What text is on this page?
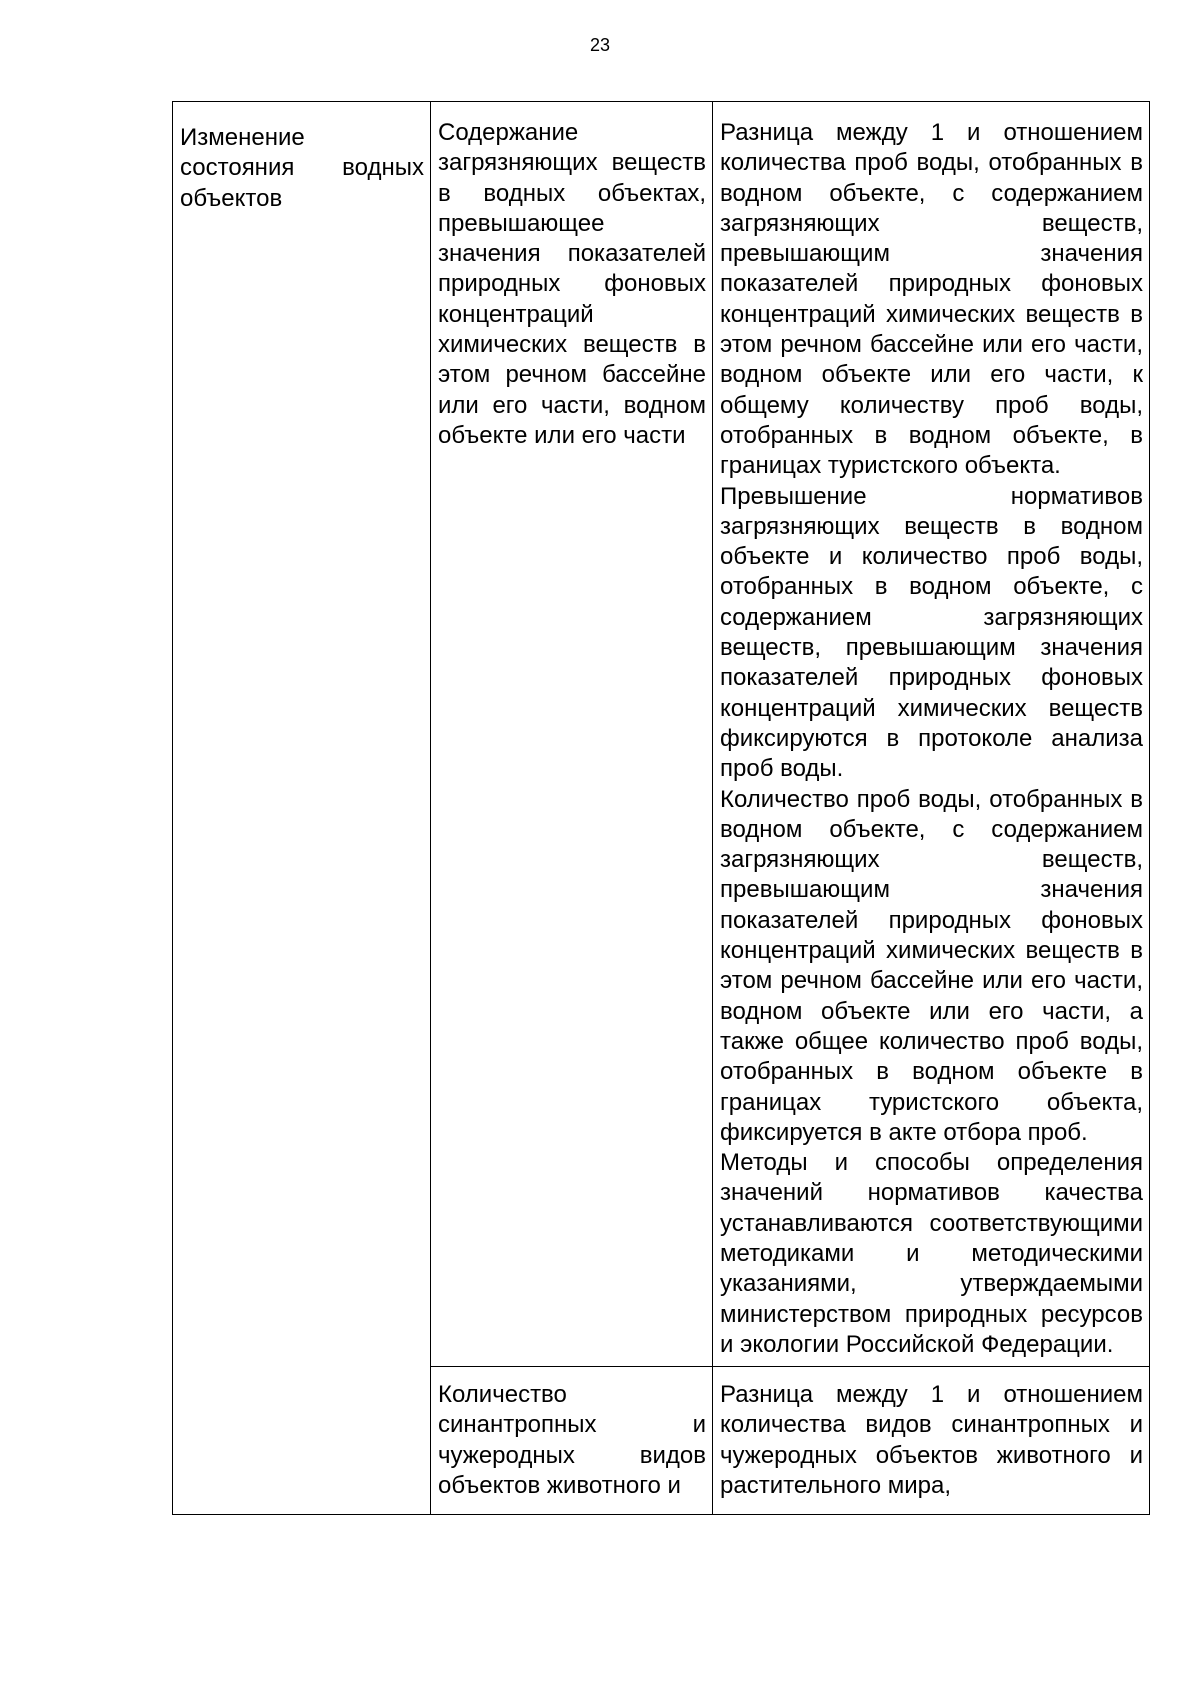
23
Изменение состояния водных объектов	Содержание загрязняющих веществ в водных объектах, превышающее значения показателей природных фоновых концентраций химических веществ в этом речном бассейне или его части, водном объекте или его части	Разница между 1 и отношением количества проб воды, отобранных в водном объекте, с содержанием загрязняющих веществ, превышающим значения показателей природных фоновых концентраций химических веществ в этом речном бассейне или его части, водном объекте или его части, к общему количеству проб воды, отобранных в водном объекте, в границах туристского объекта.

Превышение нормативов загрязняющих веществ в водном объекте и количество проб воды, отобранных в водном объекте, с содержанием загрязняющих веществ, превышающим значения показателей природных фоновых концентраций химических веществ фиксируются в протоколе анализа проб воды.

Количество проб воды, отобранных в водном объекте, с содержанием загрязняющих веществ, превышающим значения показателей природных фоновых концентраций химических веществ в этом речном бассейне или его части, водном объекте или его части, а также общее количество проб воды, отобранных в водном объекте в границах туристского объекта, фиксируется в акте отбора проб.

Методы и способы определения значений нормативов качества устанавливаются соответствующими методиками и методическими указаниями, утверждаемыми министерством природных ресурсов и экологии Российской Федерации.

	Количество синантропных и чужеродных видов объектов животного и	Разница между 1 и отношением количества видов синантропных и чужеродных объектов животного и растительного мира,
